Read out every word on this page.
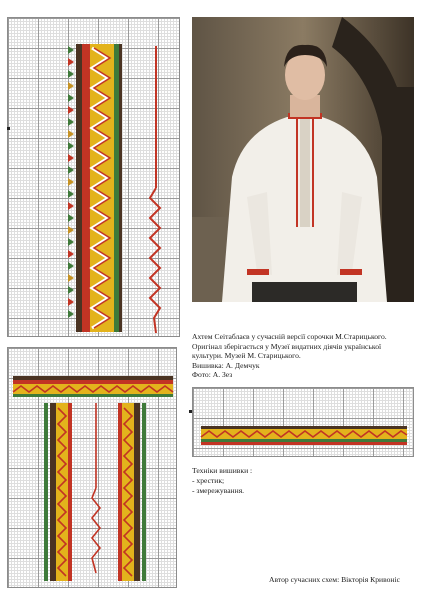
Ахтем Сеітаблаєв у сучасній версії сорочки М.Старицького.
Оригінал зберігається у Музеї видатних діячів української
культури. Музей М. Старицького.
Вишивка: А. Демчук
Фото: А. Зез
Техніки вишивки :
- хрестик;
- змережування.
Автор сучасних схем: Вікторія Кривоніс
